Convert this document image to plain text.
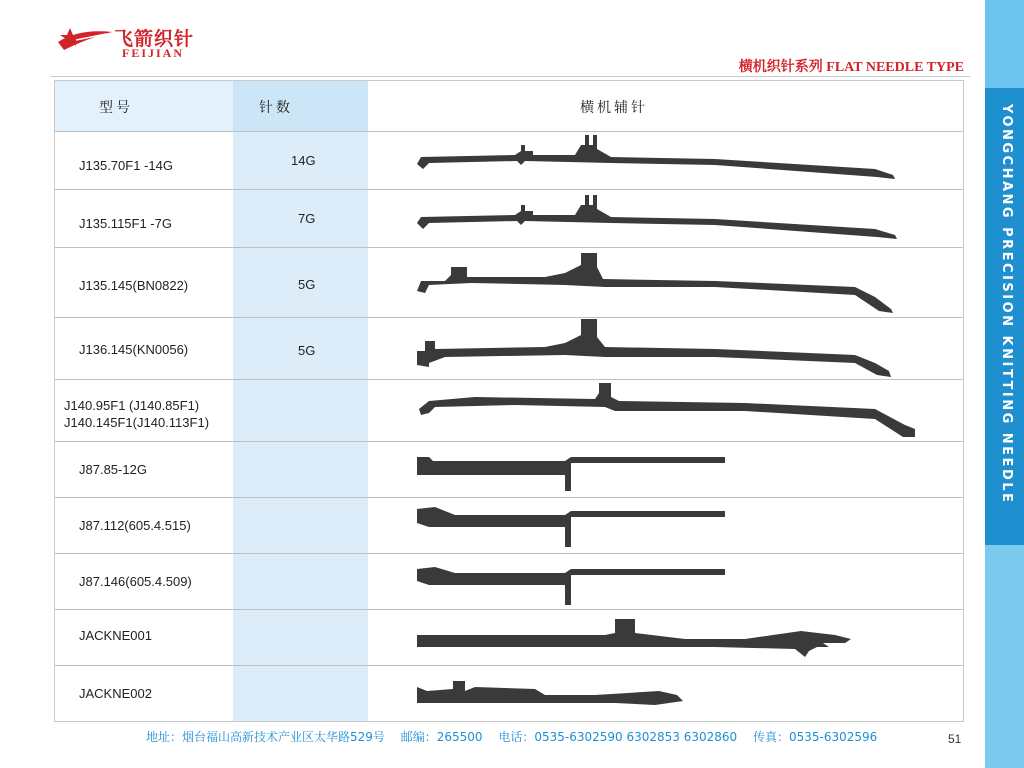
飞箭织针
FEIJIAN
横机织针系列 FLAT NEEDLE TYPE
YONGCHANG PRECISION KNITTING NEEDLE
型号	针数	横机辅针
J135.70F1 -14G	14G
J135.115F1 -7G	7G
J135.145(BN0822)	5G
J136.145(KN0056)	5G
J140.95F1 (J140.85F1)
J140.145F1(J140.113F1)
J87.85-12G
J87.112(605.4.515)
J87.146(605.4.509)
JACKNE001
JACKNE002
地址：烟台福山高新技术产业区太华路529号　 邮编：265500　 电话：0535-6302590 6302853 6302860　 传真：0535-6302596	51
